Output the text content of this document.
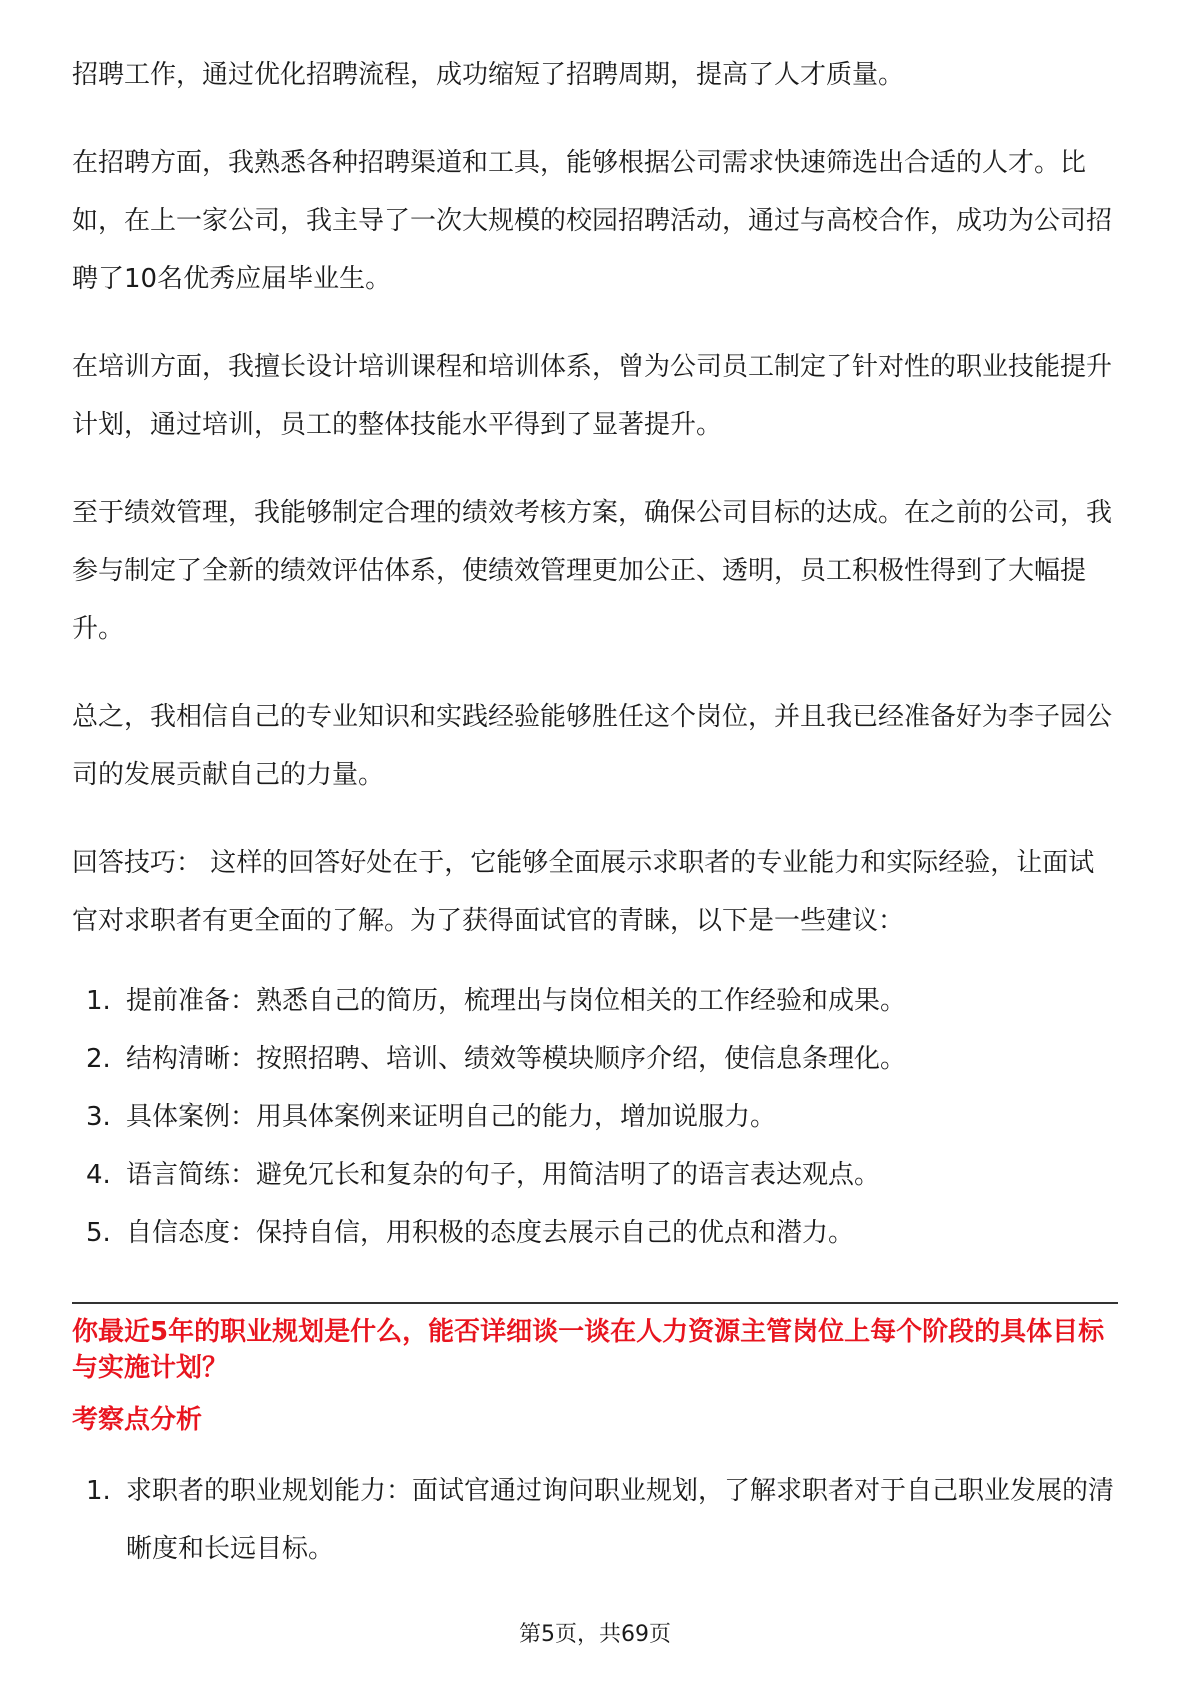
招聘工作，通过优化招聘流程，成功缩短了招聘周期，提高了人才质量。

在招聘方面，我熟悉各种招聘渠道和工具，能够根据公司需求快速筛选出合适的人才。比如，在上一家公司，我主导了一次大规模的校园招聘活动，通过与高校合作，成功为公司招聘了10名优秀应届毕业生。

在培训方面，我擅长设计培训课程和培训体系，曾为公司员工制定了针对性的职业技能提升计划，通过培训，员工的整体技能水平得到了显著提升。

至于绩效管理，我能够制定合理的绩效考核方案，确保公司目标的达成。在之前的公司，我参与制定了全新的绩效评估体系，使绩效管理更加公正、透明，员工积极性得到了大幅提升。

总之，我相信自己的专业知识和实践经验能够胜任这个岗位，并且我已经准备好为李子园公司的发展贡献自己的力量。

回答技巧： 这样的回答好处在于，它能够全面展示求职者的专业能力和实际经验，让面试官对求职者有更全面的了解。为了获得面试官的青睐，以下是一些建议：

1. 提前准备：熟悉自己的简历，梳理出与岗位相关的工作经验和成果。
2. 结构清晰：按照招聘、培训、绩效等模块顺序介绍，使信息条理化。
3. 具体案例：用具体案例来证明自己的能力，增加说服力。
4. 语言简练：避免冗长和复杂的句子，用简洁明了的语言表达观点。
5. 自信态度：保持自信，用积极的态度去展示自己的优点和潜力。
你最近5年的职业规划是什么，能否详细谈一谈在人力资源主管岗位上每个阶段的具体目标与实施计划？
考察点分析
1. 求职者的职业规划能力：面试官通过询问职业规划，了解求职者对于自己职业发展的清晰度和长远目标。
第5页，共69页
